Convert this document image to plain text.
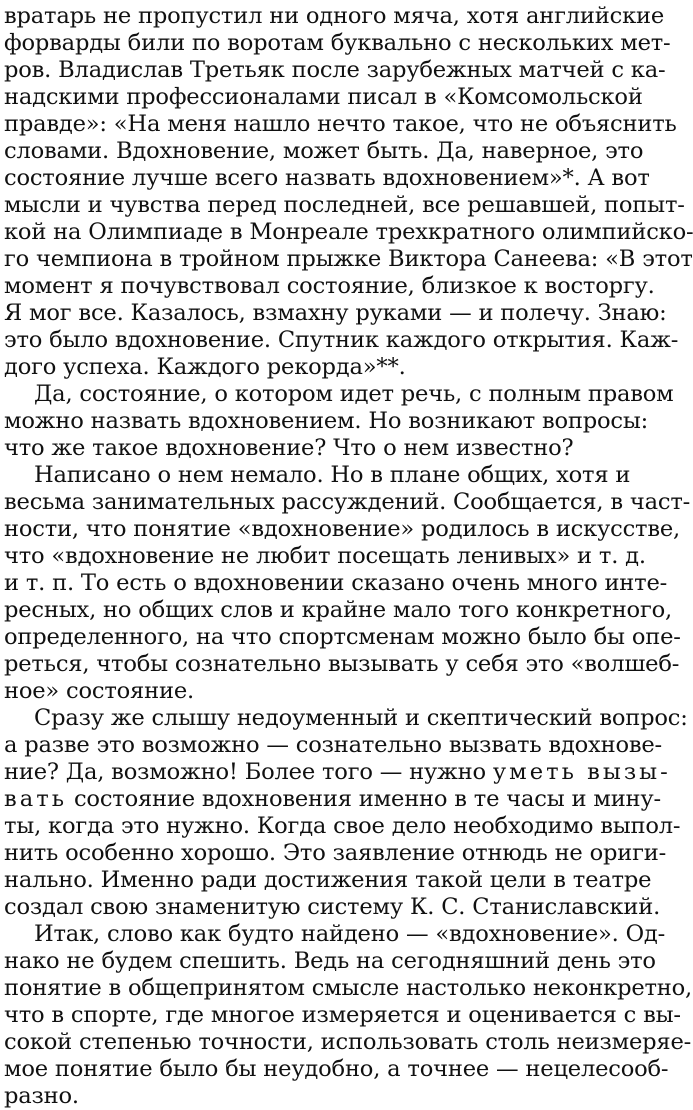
вратарь не пропустил ни одного мяча, хотя английские
форварды били по воротам буквально с нескольких мет-
ров. Владислав Третьяк после зарубежных матчей с ка-
надскими профессионалами писал в «Комсомольской
правде»: «На меня нашло нечто такое, что не объяснить
словами. Вдохновение, может быть. Да, наверное, это
состояние лучше всего назвать вдохновением»*. А вот
мысли и чувства перед последней, все решавшей, попыт-
кой на Олимпиаде в Монреале трехкратного олимпийско-
го чемпиона в тройном прыжке Виктора Санеева: «В этот
момент я почувствовал состояние, близкое к восторгу.
Я мог все. Казалось, взмахну руками — и полечу. Знаю:
это было вдохновение. Спутник каждого открытия. Каж-
дого успеха. Каждого рекорда»**.
Да, состояние, о котором идет речь, с полным правом
можно назвать вдохновением. Но возникают вопросы:
что же такое вдохновение? Что о нем известно?
Написано о нем немало. Но в плане общих, хотя и
весьма занимательных рассуждений. Сообщается, в част-
ности, что понятие «вдохновение» родилось в искусстве,
что «вдохновение не любит посещать ленивых» и т. д.
и т. п. То есть о вдохновении сказано очень много инте-
ресных, но общих слов и крайне мало того конкретного,
определенного, на что спортсменам можно было бы опе-
реться, чтобы сознательно вызывать у себя это «волшеб-
ное» состояние.
Сразу же слышу недоуменный и скептический вопрос:
а разве это возможно — сознательно вызвать вдохнове-
ние? Да, возможно! Более того — нужно уметь вызы-
вать состояние вдохновения именно в те часы и мину-
ты, когда это нужно. Когда свое дело необходимо выпол-
нить особенно хорошо. Это заявление отнюдь не ориги-
нально. Именно ради достижения такой цели в театре
создал свою знаменитую систему К. С. Станиславский.
Итак, слово как будто найдено — «вдохновение». Од-
нако не будем спешить. Ведь на сегодняшний день это
понятие в общепринятом смысле настолько неконкретно,
что в спорте, где многое измеряется и оценивается с вы-
сокой степенью точности, использовать столь неизмеряе-
мое понятие было бы неудобно, а точнее — нецелесооб-
разно.
